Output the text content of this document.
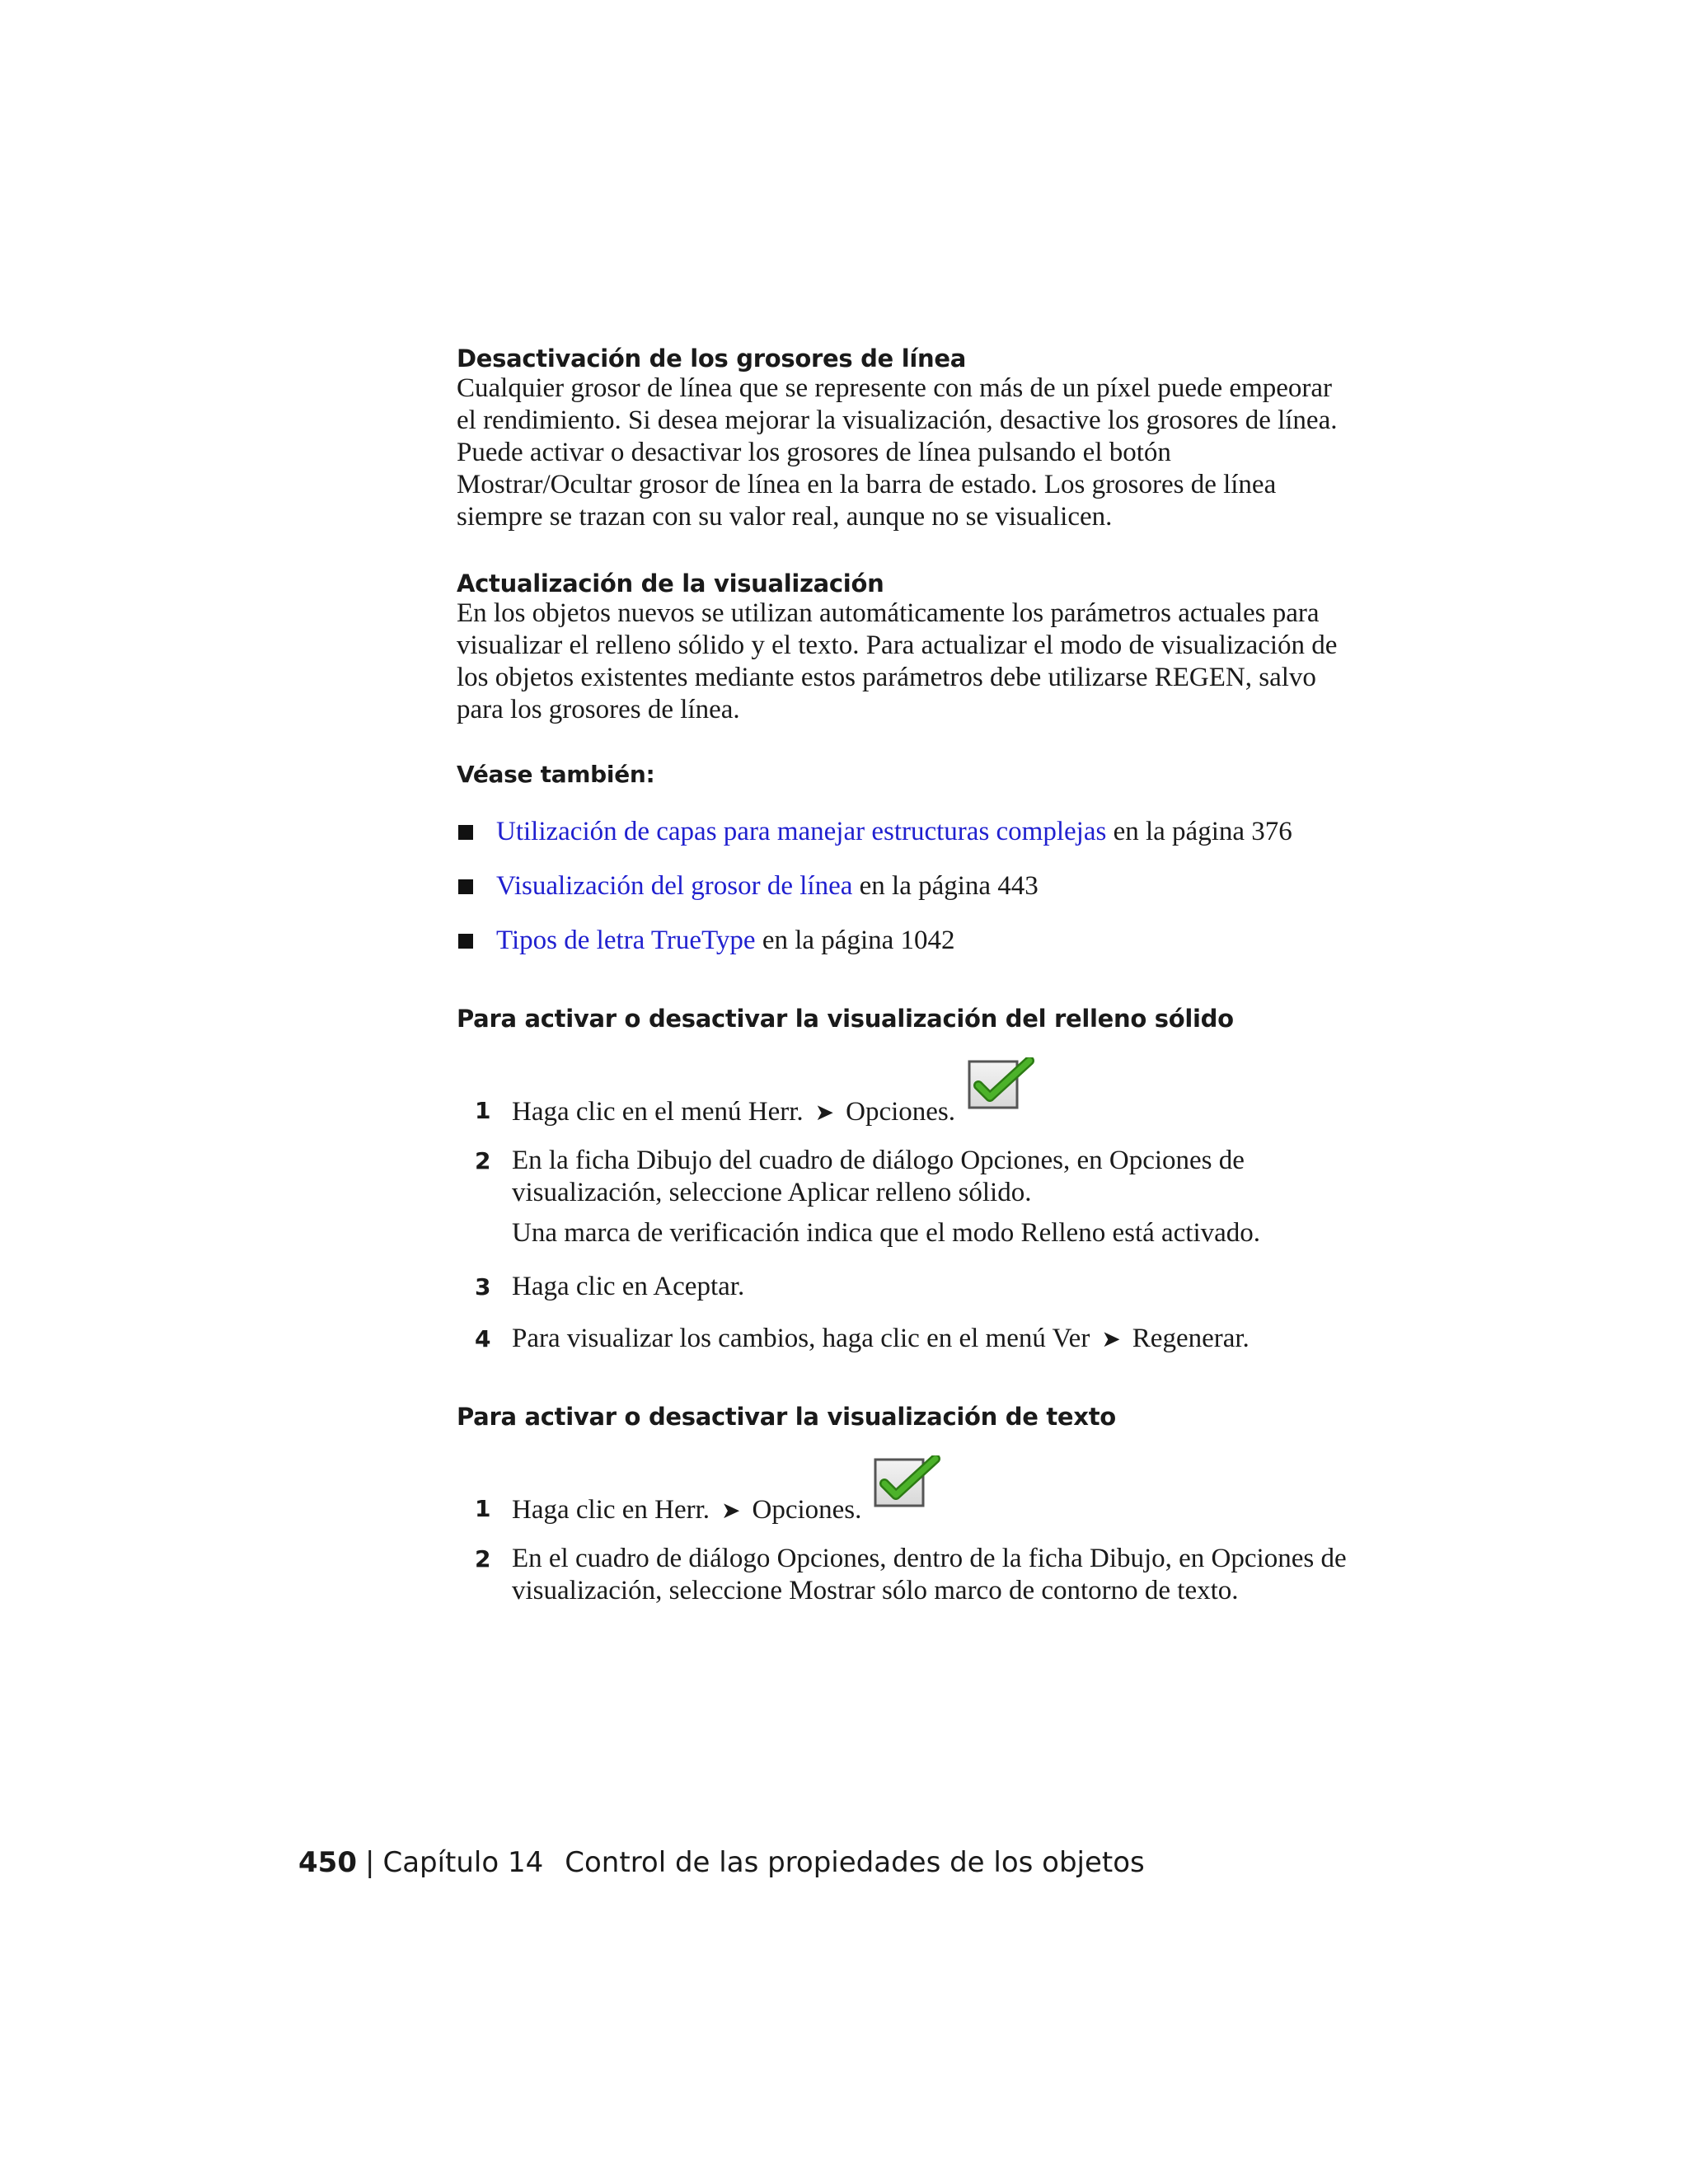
Desactivación de los grosores de línea

Cualquier grosor de línea que se represente con más de un píxel puede empeorar el rendimiento. Si desea mejorar la visualización, desactive los grosores de línea. Puede activar o desactivar los grosores de línea pulsando el botón Mostrar/Ocultar grosor de línea en la barra de estado. Los grosores de línea siempre se trazan con su valor real, aunque no se visualicen.

Actualización de la visualización

En los objetos nuevos se utilizan automáticamente los parámetros actuales para visualizar el relleno sólido y el texto. Para actualizar el modo de visualización de los objetos existentes mediante estos parámetros debe utilizarse REGEN, salvo para los grosores de línea.

Véase también:
Utilización de capas para manejar estructuras complejas en la página 376
Visualización del grosor de línea en la página 443
Tipos de letra TrueType en la página 1042
Para activar o desactivar la visualización del relleno sólido
1 Haga clic en el menú Herr. ➤ Opciones.
2 En la ficha Dibujo del cuadro de diálogo Opciones, en Opciones de visualización, seleccione Aplicar relleno sólido.
Una marca de verificación indica que el modo Relleno está activado.
3 Haga clic en Aceptar.
4 Para visualizar los cambios, haga clic en el menú Ver ➤ Regenerar.
Para activar o desactivar la visualización de texto
1 Haga clic en Herr. ➤ Opciones.
2 En el cuadro de diálogo Opciones, dentro de la ficha Dibujo, en Opciones de visualización, seleccione Mostrar sólo marco de contorno de texto.
450 | Capítulo 14 Control de las propiedades de los objetos
